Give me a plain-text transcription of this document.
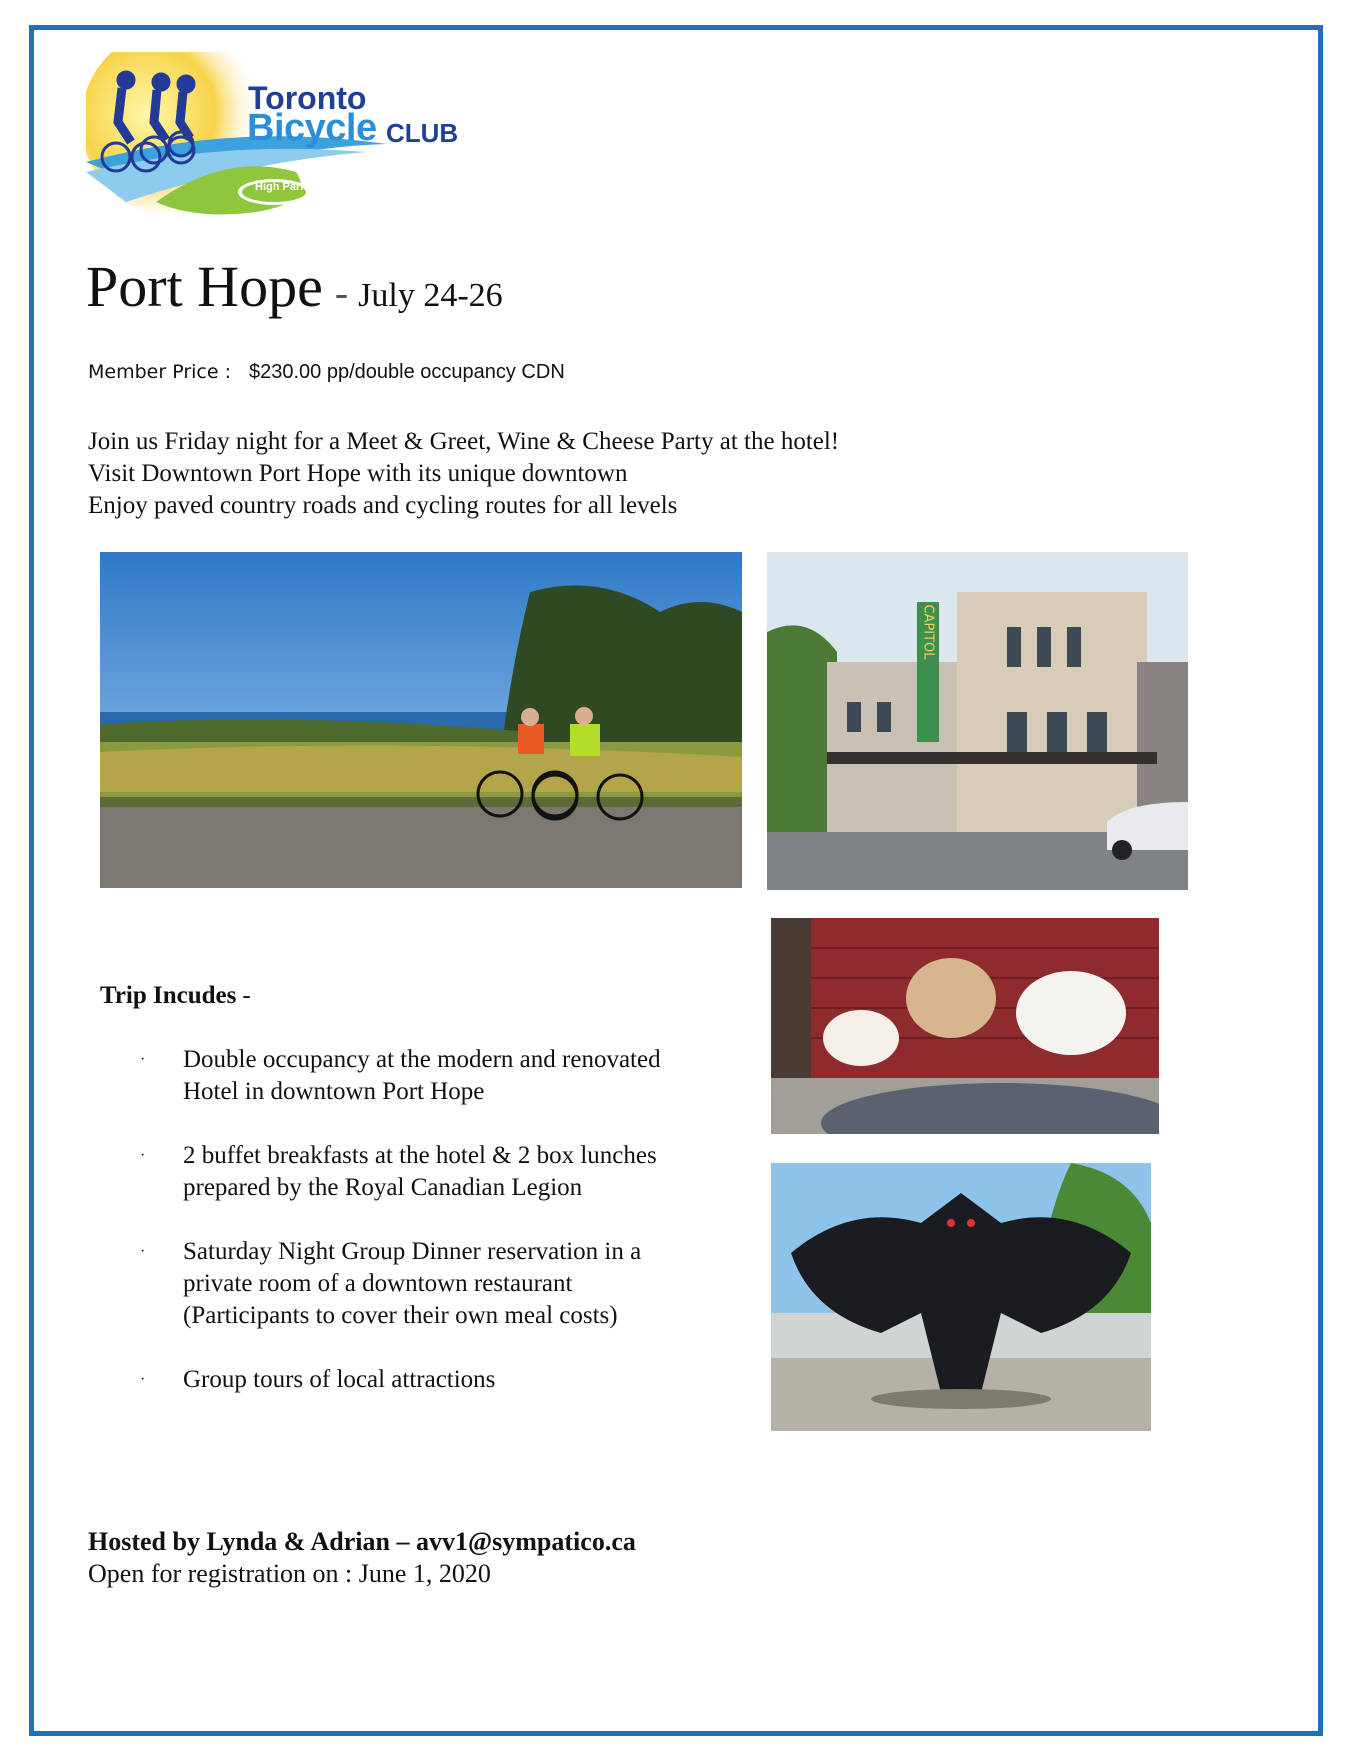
Toronto
Bicycle CLUB
High Park
Port Hope - July 24-26
Member Price : $230.00 pp/double occupancy CDN
Join us Friday night for a Meet & Greet, Wine & Cheese Party at the hotel!
Visit Downtown Port Hope with its unique downtown
Enjoy paved country roads and cycling routes for all levels
CAPITOL
Trip Incudes -
· Double occupancy at the modern and renovated
Hotel in downtown Port Hope
· 2 buffet breakfasts at the hotel & 2 box lunches
prepared by the Royal Canadian Legion
· Saturday Night Group Dinner reservation in a
private room of a downtown restaurant
(Participants to cover their own meal costs)
· Group tours of local attractions
Hosted by Lynda & Adrian – avv1@sympatico.ca
Open for registration on : June 1, 2020
